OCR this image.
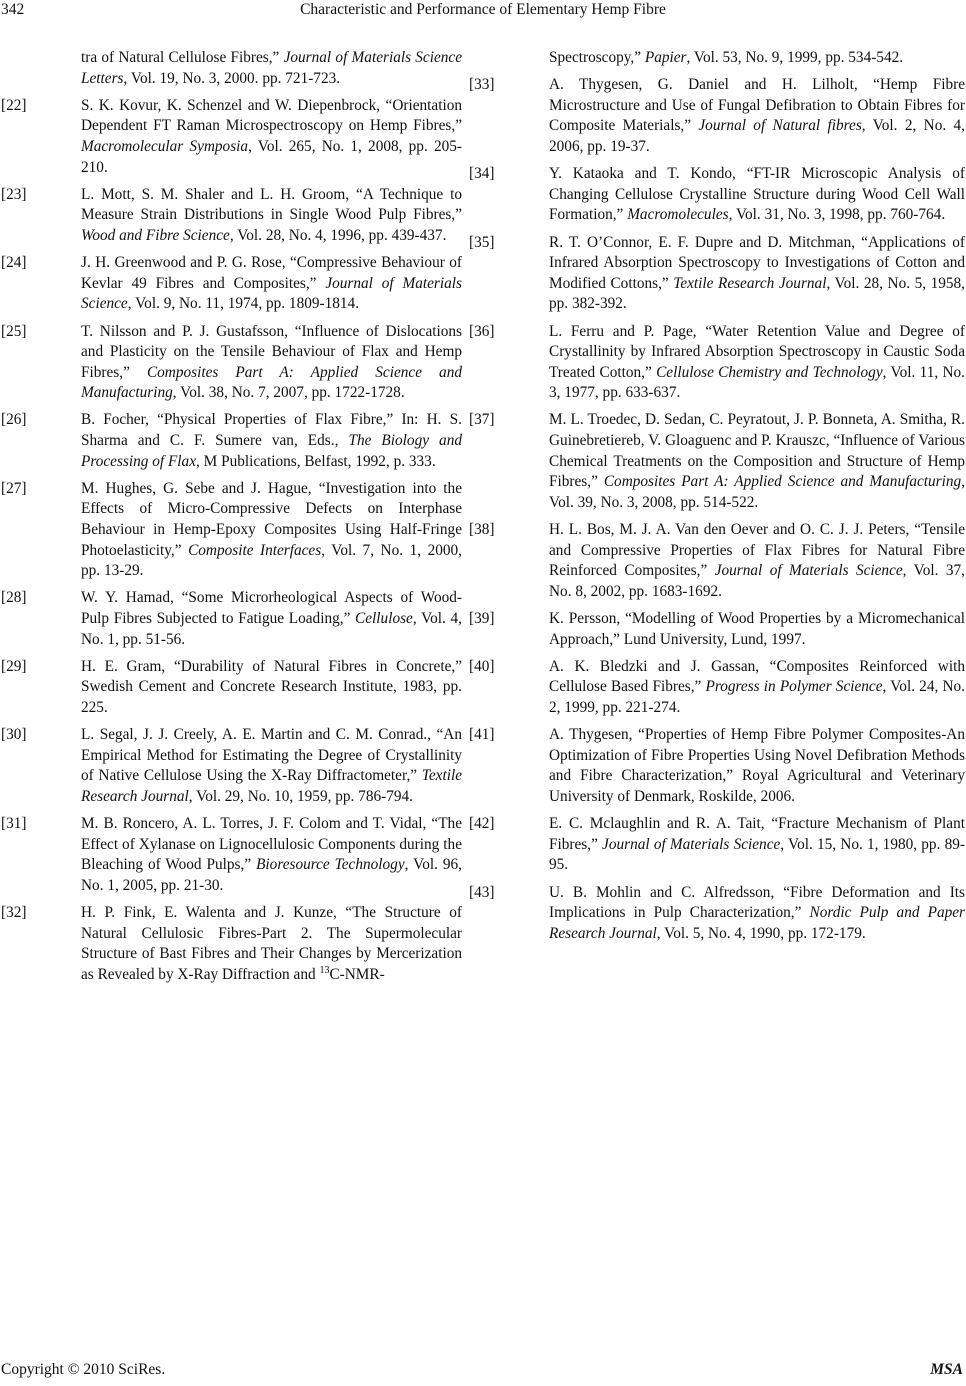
342	Characteristic and Performance of Elementary Hemp Fibre
tra of Natural Cellulose Fibres,” Journal of Materials Science Letters, Vol. 19, No. 3, 2000. pp. 721-723.
[22]	S. K. Kovur, K. Schenzel and W. Diepenbrock, “Orientation Dependent FT Raman Microspectroscopy on Hemp Fibres,” Macromolecular Symposia, Vol. 265, No. 1, 2008, pp. 205-210.
[23]	L. Mott, S. M. Shaler and L. H. Groom, “A Technique to Measure Strain Distributions in Single Wood Pulp Fibres,” Wood and Fibre Science, Vol. 28, No. 4, 1996, pp. 439-437.
[24]	J. H. Greenwood and P. G. Rose, “Compressive Behaviour of Kevlar 49 Fibres and Composites,” Journal of Materials Science, Vol. 9, No. 11, 1974, pp. 1809-1814.
[25]	T. Nilsson and P. J. Gustafsson, “Influence of Dislocations and Plasticity on the Tensile Behaviour of Flax and Hemp Fibres,” Composites Part A: Applied Science and Manufacturing, Vol. 38, No. 7, 2007, pp. 1722-1728.
[26]	B. Focher, “Physical Properties of Flax Fibre,” In: H. S. Sharma and C. F. Sumere van, Eds., The Biology and Processing of Flax, M Publications, Belfast, 1992, p. 333.
[27]	M. Hughes, G. Sebe and J. Hague, “Investigation into the Effects of Micro-Compressive Defects on Interphase Behaviour in Hemp-Epoxy Composites Using Half-Fringe Photoelasticity,” Composite Interfaces, Vol. 7, No. 1, 2000, pp. 13-29.
[28]	W. Y. Hamad, “Some Microrheological Aspects of Wood-Pulp Fibres Subjected to Fatigue Loading,” Cellulose, Vol. 4, No. 1, pp. 51-56.
[29]	H. E. Gram, “Durability of Natural Fibres in Concrete,” Swedish Cement and Concrete Research Institute, 1983, pp. 225.
[30]	L. Segal, J. J. Creely, A. E. Martin and C. M. Conrad., “An Empirical Method for Estimating the Degree of Crystallinity of Native Cellulose Using the X-Ray Diffractometer,” Textile Research Journal, Vol. 29, No. 10, 1959, pp. 786-794.
[31]	M. B. Roncero, A. L. Torres, J. F. Colom and T. Vidal, “The Effect of Xylanase on Lignocellulosic Components during the Bleaching of Wood Pulps,” Bioresource Technology, Vol. 96, No. 1, 2005, pp. 21-30.
[32]	H. P. Fink, E. Walenta and J. Kunze, “The Structure of Natural Cellulosic Fibres-Part 2. The Supermolecular Structure of Bast Fibres and Their Changes by Mercerization as Revealed by X-Ray Diffraction and $^{13}$C-NMR-
Spectroscopy,” Papier, Vol. 53, No. 9, 1999, pp. 534-542.
[33]	A. Thygesen, G. Daniel and H. Lilholt, “Hemp Fibre Microstructure and Use of Fungal Defibration to Obtain Fibres for Composite Materials,” Journal of Natural fibres, Vol. 2, No. 4, 2006, pp. 19-37.
[34]	Y. Kataoka and T. Kondo, “FT-IR Microscopic Analysis of Changing Cellulose Crystalline Structure during Wood Cell Wall Formation,” Macromolecules, Vol. 31, No. 3, 1998, pp. 760-764.
[35]	R. T. O’Connor, E. F. Dupre and D. Mitchman, “Applications of Infrared Absorption Spectroscopy to Investigations of Cotton and Modified Cottons,” Textile Research Journal, Vol. 28, No. 5, 1958, pp. 382-392.
[36]	L. Ferru and P. Page, “Water Retention Value and Degree of Crystallinity by Infrared Absorption Spectroscopy in Caustic Soda Treated Cotton,” Cellulose Chemistry and Technology, Vol. 11, No. 3, 1977, pp. 633-637.
[37]	M. L. Troedec, D. Sedan, C. Peyratout, J. P. Bonneta, A. Smitha, R. Guinebretiereb, V. Gloaguenc and P. Krauszc, “Influence of Various Chemical Treatments on the Composition and Structure of Hemp Fibres,” Composites Part A: Applied Science and Manufacturing, Vol. 39, No. 3, 2008, pp. 514-522.
[38]	H. L. Bos, M. J. A. Van den Oever and O. C. J. J. Peters, “Tensile and Compressive Properties of Flax Fibres for Natural Fibre Reinforced Composites,” Journal of Materials Science, Vol. 37, No. 8, 2002, pp. 1683-1692.
[39]	K. Persson, “Modelling of Wood Properties by a Micromechanical Approach,” Lund University, Lund, 1997.
[40]	A. K. Bledzki and J. Gassan, “Composites Reinforced with Cellulose Based Fibres,” Progress in Polymer Science, Vol. 24, No. 2, 1999, pp. 221-274.
[41]	A. Thygesen, “Properties of Hemp Fibre Polymer Composites-An Optimization of Fibre Properties Using Novel Defibration Methods and Fibre Characterization,” Royal Agricultural and Veterinary University of Denmark, Roskilde, 2006.
[42]	E. C. Mclaughlin and R. A. Tait, “Fracture Mechanism of Plant Fibres,” Journal of Materials Science, Vol. 15, No. 1, 1980, pp. 89-95.
[43]	U. B. Mohlin and C. Alfredsson, “Fibre Deformation and Its Implications in Pulp Characterization,” Nordic Pulp and Paper Research Journal, Vol. 5, No. 4, 1990, pp. 172-179.
Copyright © 2010 SciRes.	MSA
